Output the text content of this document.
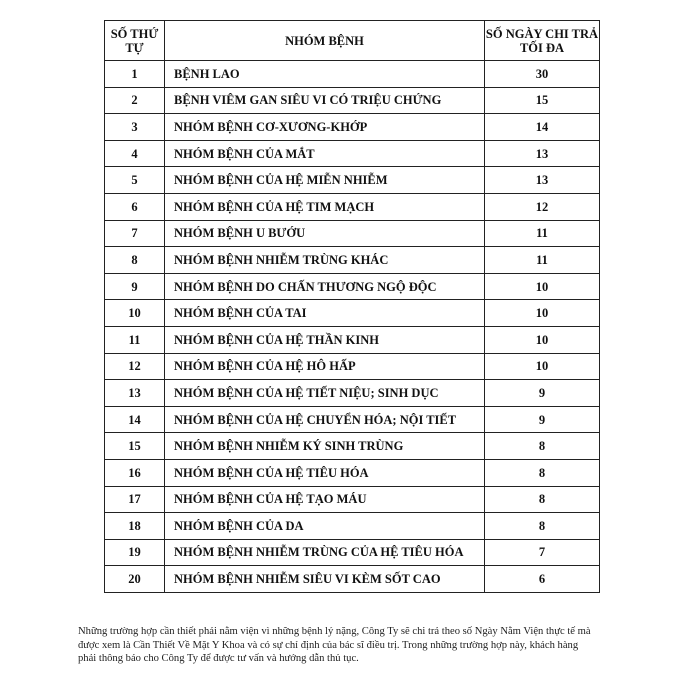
SỐ THỨ TỰ	NHÓM BỆNH	SỐ NGÀY CHI TRẢ TỐI ĐA
1	BỆNH LAO	30
2	BỆNH VIÊM GAN SIÊU VI CÓ TRIỆU CHỨNG	15
3	NHÓM BỆNH CƠ-XƯƠNG-KHỚP	14
4	NHÓM BỆNH CỦA MẮT	13
5	NHÓM BỆNH CỦA HỆ MIỄN NHIỄM	13
6	NHÓM BỆNH CỦA HỆ TIM MẠCH	12
7	NHÓM BỆNH U BƯỚU	11
8	NHÓM BỆNH NHIỄM TRÙNG KHÁC	11
9	NHÓM BỆNH DO CHẤN THƯƠNG NGỘ ĐỘC	10
10	NHÓM BỆNH CỦA TAI	10
11	NHÓM BỆNH CỦA HỆ THẦN KINH	10
12	NHÓM BỆNH CỦA HỆ HÔ HẤP	10
13	NHÓM BỆNH CỦA HỆ TIẾT NIỆU; SINH DỤC	9
14	NHÓM BỆNH CỦA HỆ CHUYỂN HÓA; NỘI TIẾT	9
15	NHÓM BỆNH NHIỄM KÝ SINH TRÙNG	8
16	NHÓM BỆNH CỦA HỆ TIÊU HÓA	8
17	NHÓM BỆNH CỦA HỆ TẠO MÁU	8
18	NHÓM BỆNH CỦA DA	8
19	NHÓM BỆNH NHIỄM TRÙNG CỦA HỆ TIÊU HÓA	7
20	NHÓM BỆNH NHIỄM SIÊU VI KÈM SỐT CAO	6

Những trường hợp cần thiết phải nằm viện vì những bệnh lý nặng, Công Ty sẽ chi trả theo số Ngày Nằm Viện thực tế mà được xem là Cần Thiết Về Mặt Y Khoa và có sự chỉ định của bác sĩ điều trị. Trong những trường hợp này, khách hàng phải thông báo cho Công Ty để được tư vấn và hướng dẫn thủ tục.
